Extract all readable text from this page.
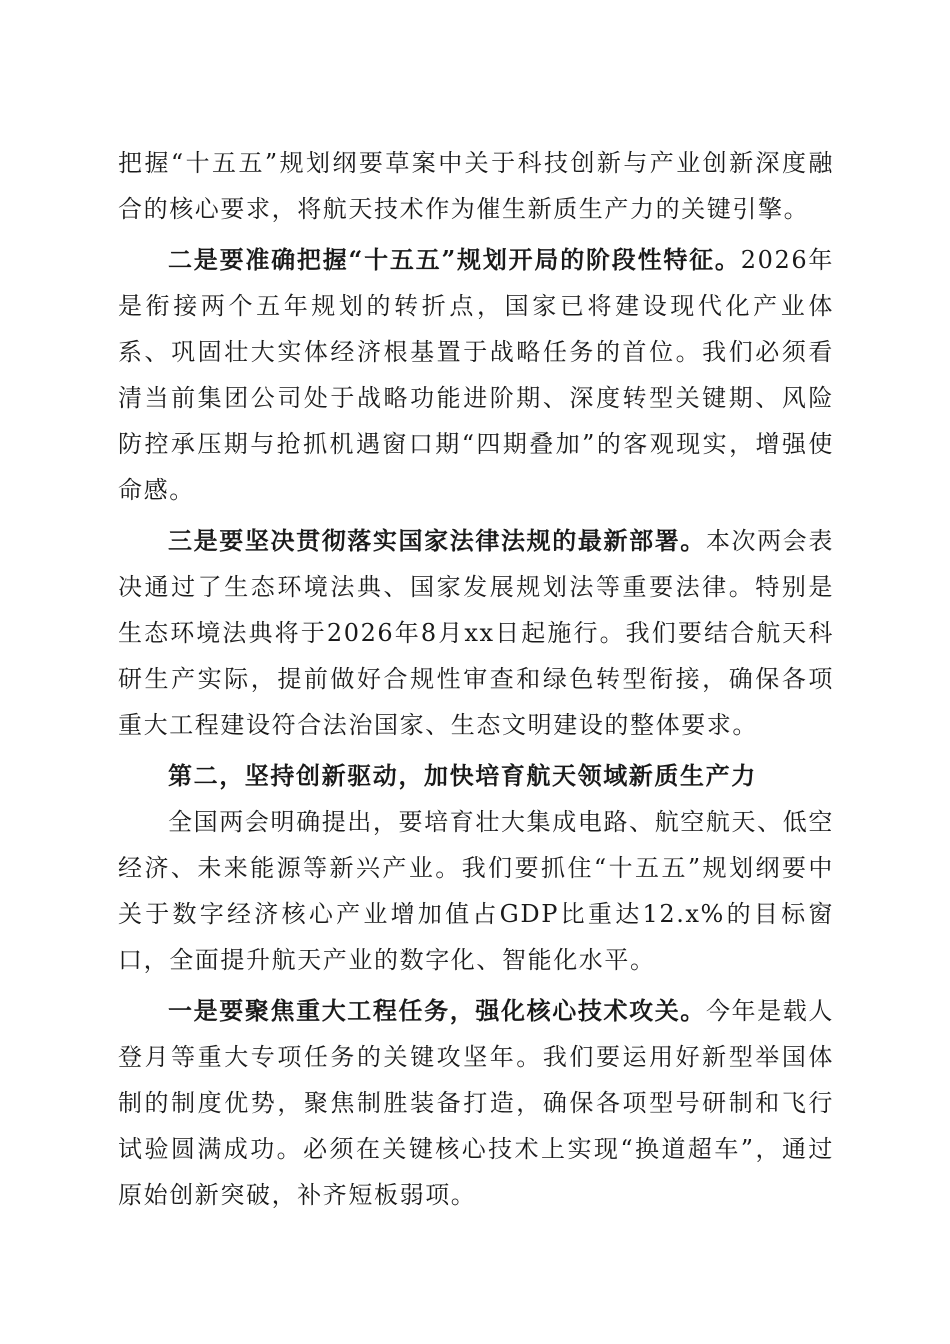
把握“十五五”规划纲要草案中关于科技创新与产业创新深度融合的核心要求，将航天技术作为催生新质生产力的关键引擎。

二是要准确把握“十五五”规划开局的阶段性特征。2026年是衔接两个五年规划的转折点，国家已将建设现代化产业体系、巩固壮大实体经济根基置于战略任务的首位。我们必须看清当前集团公司处于战略功能进阶期、深度转型关键期、风险防控承压期与抢抓机遇窗口期“四期叠加”的客观现实，增强使命感。

三是要坚决贯彻落实国家法律法规的最新部署。本次两会表决通过了生态环境法典、国家发展规划法等重要法律。特别是生态环境法典将于2026年8月xx日起施行。我们要结合航天科研生产实际，提前做好合规性审查和绿色转型衔接，确保各项重大工程建设符合法治国家、生态文明建设的整体要求。

第二，坚持创新驱动，加快培育航天领域新质生产力

全国两会明确提出，要培育壮大集成电路、航空航天、低空经济、未来能源等新兴产业。我们要抓住“十五五”规划纲要中关于数字经济核心产业增加值占GDP比重达12.x%的目标窗口，全面提升航天产业的数字化、智能化水平。

一是要聚焦重大工程任务，强化核心技术攻关。今年是载人登月等重大专项任务的关键攻坚年。我们要运用好新型举国体制的制度优势，聚焦制胜装备打造，确保各项型号研制和飞行试验圆满成功。必须在关键核心技术上实现“换道超车”，通过原始创新突破，补齐短板弱项。
